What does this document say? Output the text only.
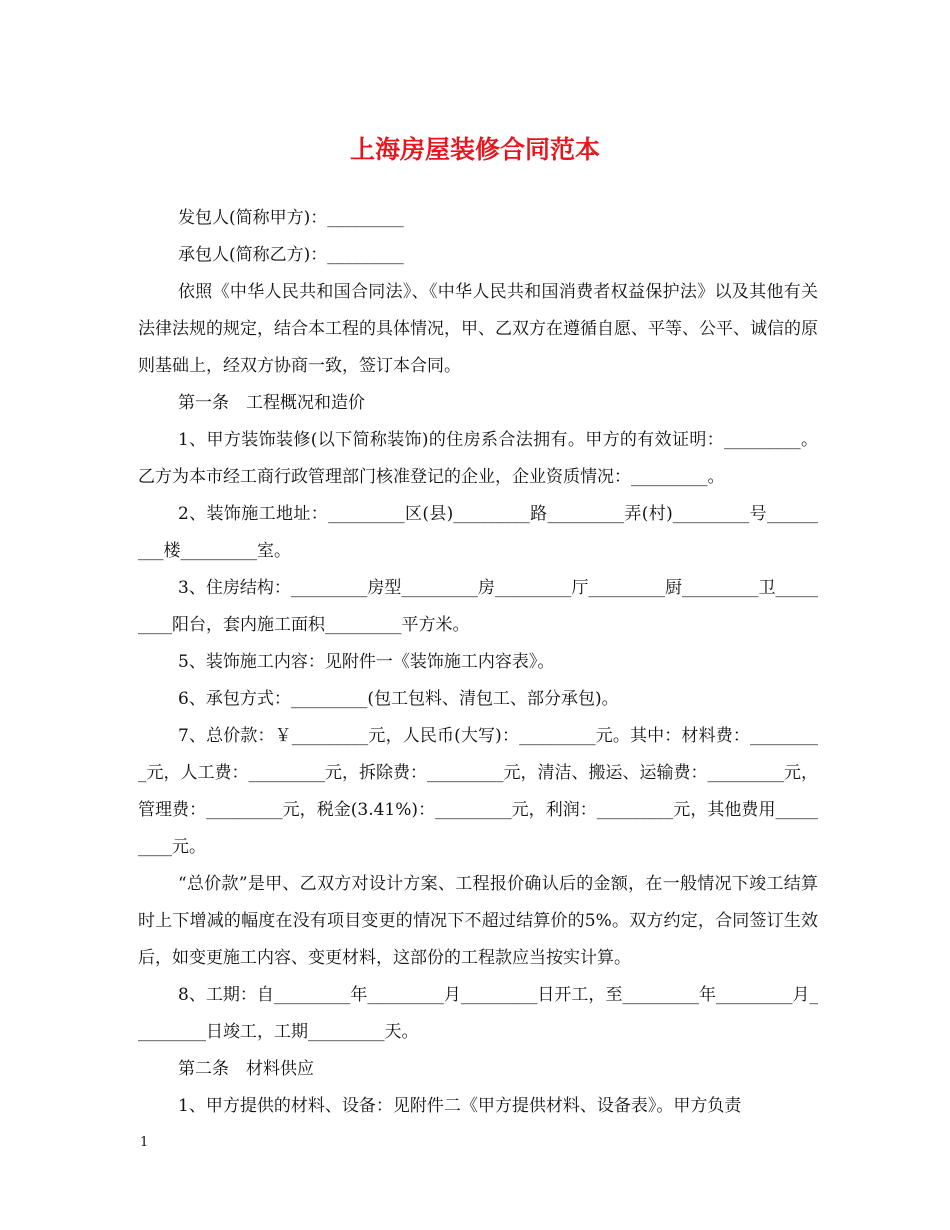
上海房屋装修合同范本

发包人(简称甲方)：_________

承包人(简称乙方)：_________

依照《中华人民共和国合同法》、《中华人民共和国消费者权益保护法》以及其他有关法律法规的规定，结合本工程的具体情况，甲、乙双方在遵循自愿、平等、公平、诚信的原则基础上，经双方协商一致，签订本合同。

第一条　工程概况和造价

1、甲方装饰装修(以下简称装饰)的住房系合法拥有。甲方的有效证明：_________。乙方为本市经工商行政管理部门核准登记的企业，企业资质情况：_________。

2、装饰施工地址：_________区(县)_________路_________弄(村)_________号_________楼_________室。

3、住房结构：_________房型_________房_________厅_________厨_________卫_________阳台，套内施工面积_________平方米。

5、装饰施工内容：见附件一《装饰施工内容表》。

6、承包方式：_________(包工包料、清包工、部分承包)。

7、总价款：￥_________元，人民币(大写)：_________元。其中：材料费：_________元，人工费：_________元，拆除费：_________元，清洁、搬运、运输费：_________元，管理费：_________元，税金(3.41%)：_________元，利润：_________元，其他费用_________元。

“总价款”是甲、乙双方对设计方案、工程报价确认后的金额，在一般情况下竣工结算时上下增减的幅度在没有项目变更的情况下不超过结算价的5%。双方约定，合同签订生效后，如变更施工内容、变更材料，这部份的工程款应当按实计算。

8、工期：自_________年_________月_________日开工，至_________年_________月_________日竣工，工期_________天。

第二条　材料供应

1、甲方提供的材料、设备：见附件二《甲方提供材料、设备表》。甲方负责

1
